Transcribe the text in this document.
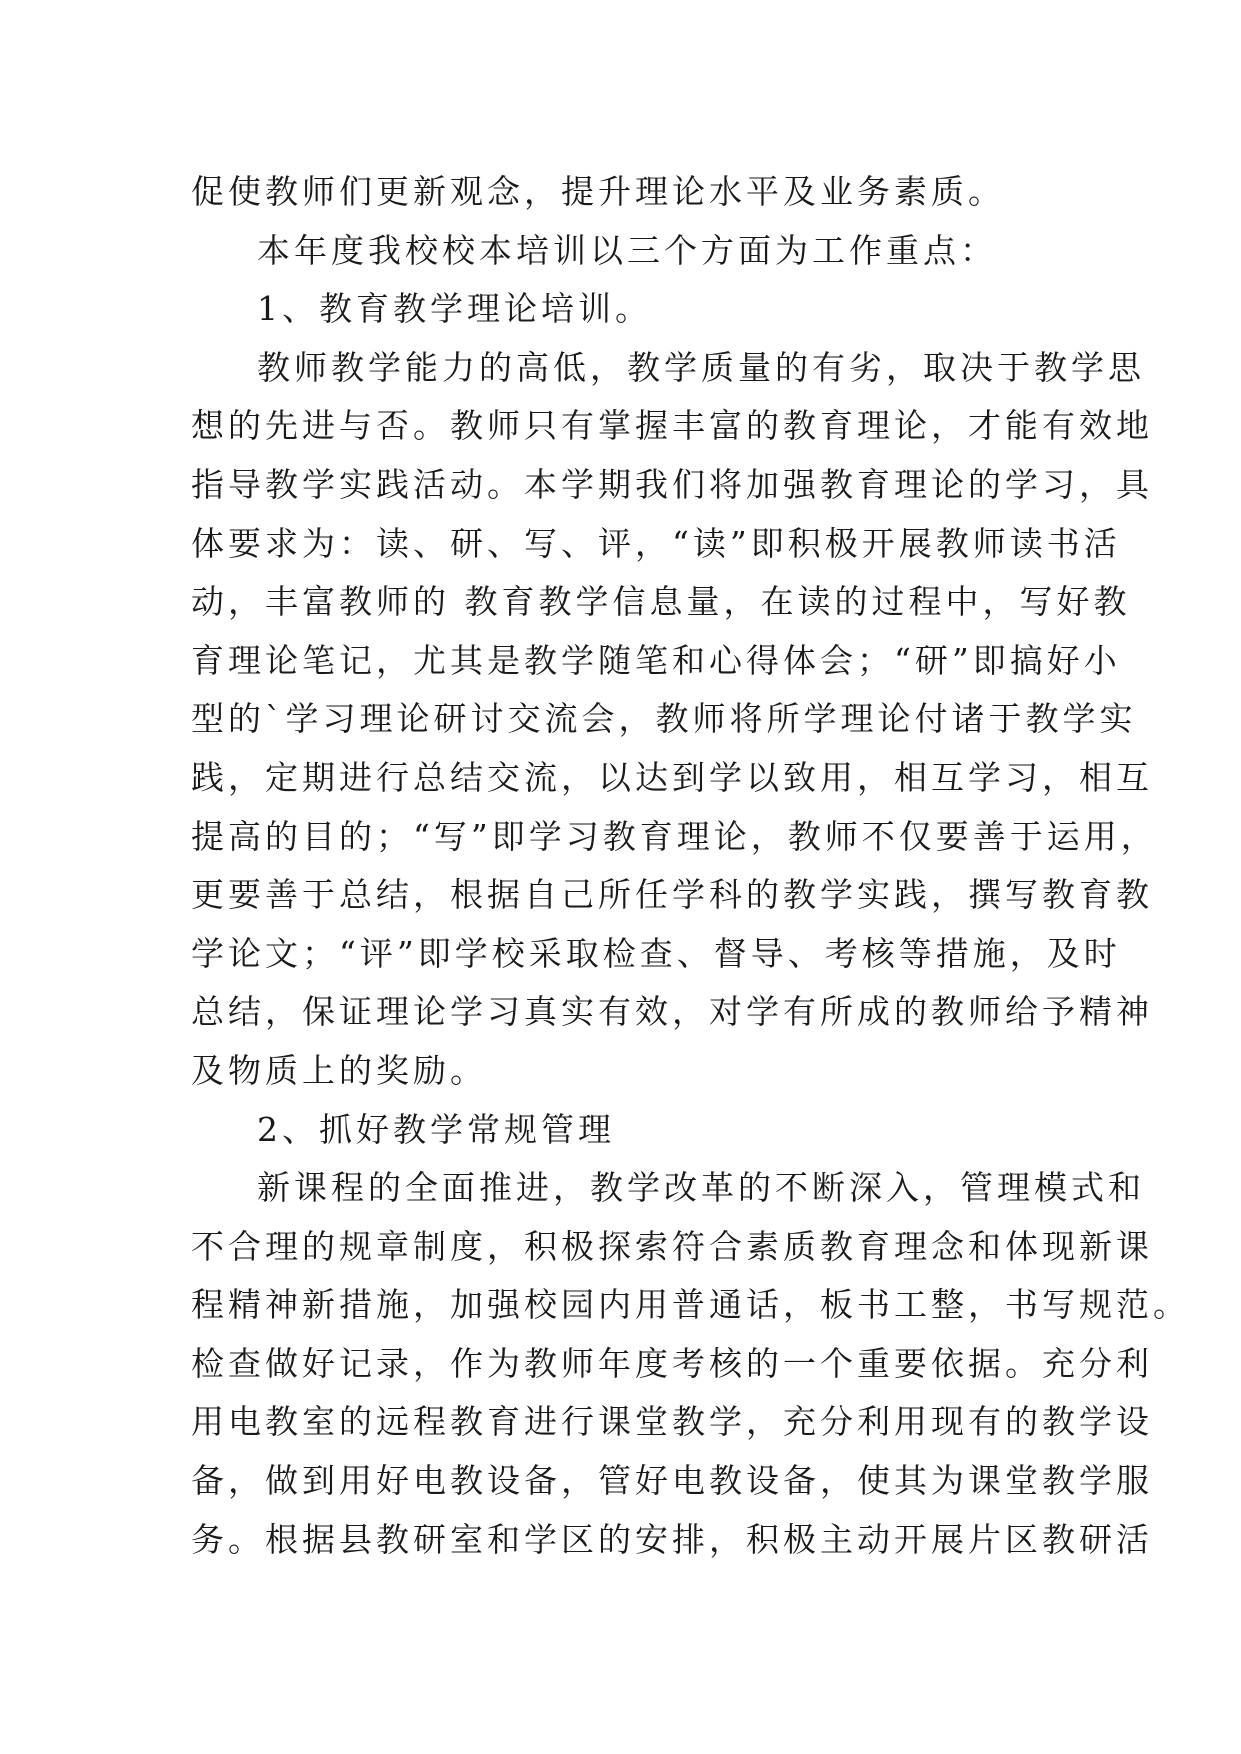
促使教师们更新观念，提升理论水平及业务素质。
本年度我校校本培训以三个方面为工作重点：
1、教育教学理论培训。
教师教学能力的高低，教学质量的有劣，取决于教学思
想的先进与否。教师只有掌握丰富的教育理论，才能有效地
指导教学实践活动。本学期我们将加强教育理论的学习，具
体要求为：读、研、写、评，“读”即积极开展教师读书活
动，丰富教师的 教育教学信息量，在读的过程中，写好教
育理论笔记，尤其是教学随笔和心得体会；“研”即搞好小
型的`学习理论研讨交流会，教师将所学理论付诸于教学实
践，定期进行总结交流，以达到学以致用，相互学习，相互
提高的目的；“写”即学习教育理论，教师不仅要善于运用，
更要善于总结，根据自己所任学科的教学实践，撰写教育教
学论文；“评”即学校采取检查、督导、考核等措施，及时
总结，保证理论学习真实有效，对学有所成的教师给予精神
及物质上的奖励。
2、抓好教学常规管理
新课程的全面推进，教学改革的不断深入，管理模式和
不合理的规章制度，积极探索符合素质教育理念和体现新课
程精神新措施，加强校园内用普通话，板书工整，书写规范。
检查做好记录，作为教师年度考核的一个重要依据。充分利
用电教室的远程教育进行课堂教学，充分利用现有的教学设
备，做到用好电教设备，管好电教设备，使其为课堂教学服
务。根据县教研室和学区的安排，积极主动开展片区教研活
